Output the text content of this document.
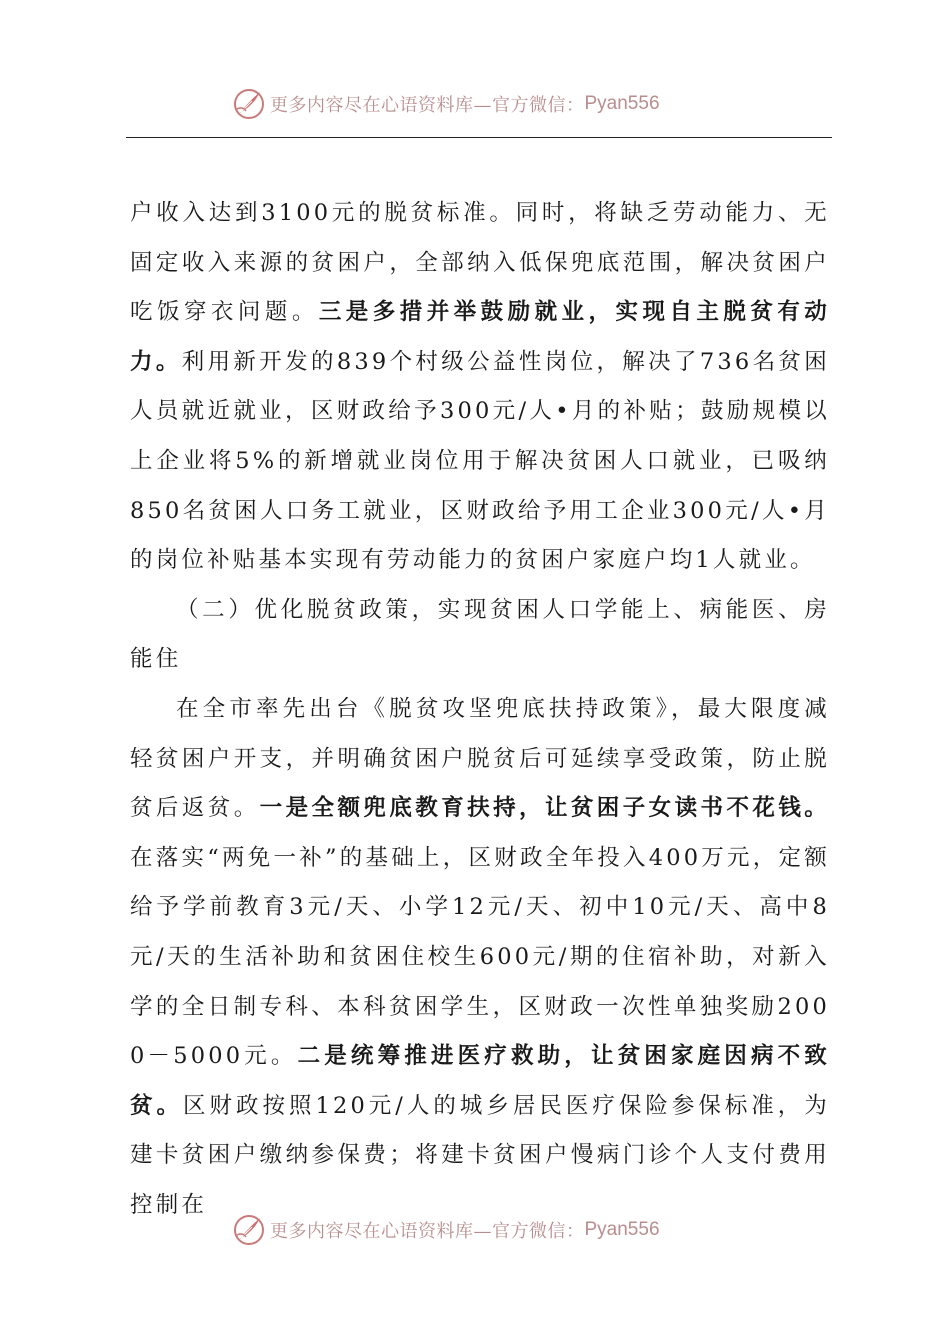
更多内容尽在心语资料库—官方微信： Pyan556

户收入达到3100元的脱贫标准。同时，将缺乏劳动能力、无固定收入来源的贫困户，全部纳入低保兜底范围，解决贫困户吃饭穿衣问题。三是多措并举鼓励就业，实现自主脱贫有动力。利用新开发的839个村级公益性岗位，解决了736名贫困人员就近就业，区财政给予300元/人•月的补贴；鼓励规模以上企业将5%的新增就业岗位用于解决贫困人口就业，已吸纳850名贫困人口务工就业，区财政给予用工企业300元/人•月的岗位补贴基本实现有劳动能力的贫困户家庭户均1人就业。

（二）优化脱贫政策，实现贫困人口学能上、病能医、房能住

在全市率先出台《脱贫攻坚兜底扶持政策》，最大限度减轻贫困户开支，并明确贫困户脱贫后可延续享受政策，防止脱贫后返贫。一是全额兜底教育扶持，让贫困子女读书不花钱。在落实“两免一补”的基础上，区财政全年投入400万元，定额给予学前教育3元/天、小学12元/天、初中10元/天、高中8元/天的生活补助和贫困住校生600元/期的住宿补助，对新入学的全日制专科、本科贫困学生，区财政一次性单独奖励2000－5000元。二是统筹推进医疗救助，让贫困家庭因病不致贫。区财政按照120元/人的城乡居民医疗保险参保标准，为建卡贫困户缴纳参保费；将建卡贫困户慢病门诊个人支付费用控制在

更多内容尽在心语资料库—官方微信： Pyan556
